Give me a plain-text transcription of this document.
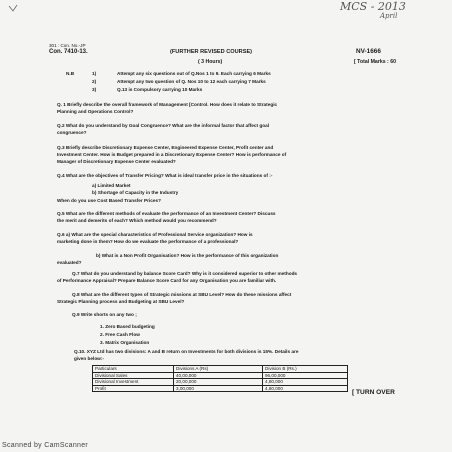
MCS - 2013
April
301 : Con. No.-JP
Con. 7410-13.	(FURTHER REVISED COURSE)	NV-1666
( 3 Hours)	[ Total Marks : 60
N.B	1)	Attempt any six questions out of Q.Nos 1 to 9. Each carrying 6 Marks
2)	Attempt any two question of Q. Nos 10 to 12 each carrying 7 Marks
3)	Q.13 is Compulsory carrying 10 Marks
Q. 1 Briefly describe the overall framework of Management [Control. How does it relate to Strategic
Planning and Operations Control?
Q.2 What do you understand by Goal Congruence? What are the informal factor that affect goal
congruence?
Q.3 Briefly describe Discretionary Expense Center, Engineered Expense Center, Profit center and
Investment Center. How is Budget prepared in a Discretionary Expense Center? How is performance of
Manager of Discretionary Expense Center evaluated?
Q.4 What are the objectives of Transfer Pricing? What is ideal transfer price in the situations of :-
a) Limited Market
b) Shortage of Capacity in the Industry
When do you use Cost Based Transfer Prices?
Q.5 What are the different methods of evaluate the performance of an Investment Center? Discuss
the merit and demerits of each? Which method would you recommend?
Q.6 a) What are the special characteristics of Professional Service organization? How is
marketing done in them? How do we evaluate the performance of a professional?
b) What is a Non Profit Organisation? How is the performance of this organization
evaluated?
Q.7 What do you understand by balance Score Card? Why is it considered superior to other methods
of Performance Appraisal? Prepare Balance Score Card for any Organisation you are familiar with.
Q.8 What are the different types of Strategic missions at SBU Level? How do these missions affect
Strategic Planning process and Budgeting at SBU Level?
Q.9 Write shorts on any two ;
1. Zero Based budgeting
2. Free Cash Flow
3. Matrix Organisation
Q.10. XYZ Ltd has two divisions: A and B return on Investments for both divisions is 15%. Details are
given below:-
Particulars	Divisions A (Rs)	Division B (Rs.)
Divisional Sales	40,00,000	96,00,000
Divisional Investment	20,00,000	4,80,000
Profit	3,00,000	4,80,000
[ TURN OVER
Scanned by CamScanner
